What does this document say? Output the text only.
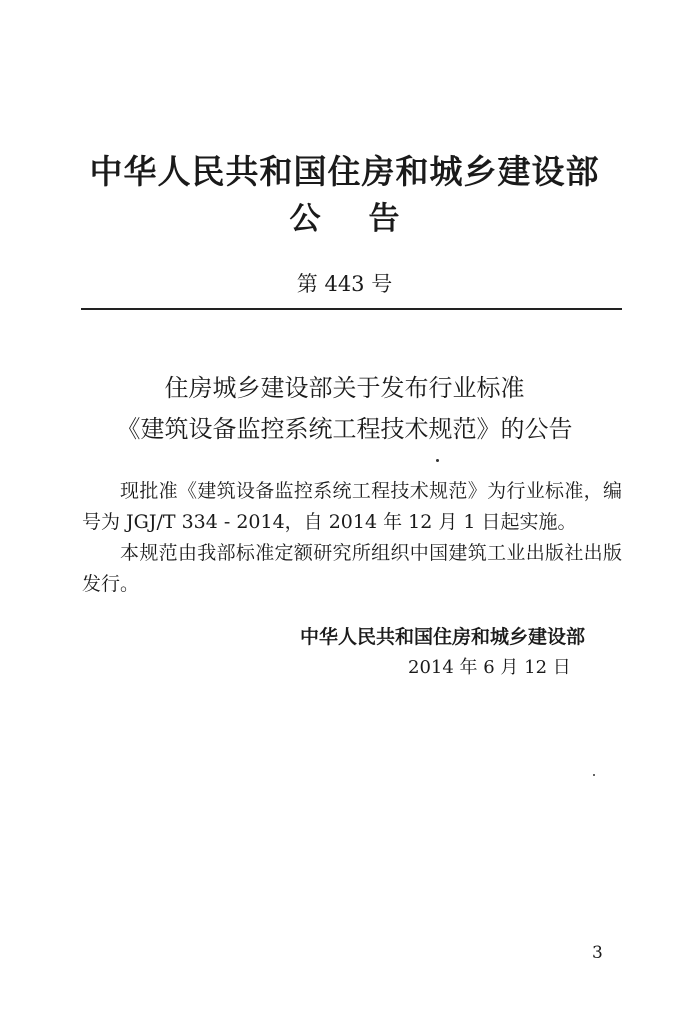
中华人民共和国住房和城乡建设部
公告
第 443 号
住房城乡建设部关于发布行业标准
《建筑设备监控系统工程技术规范》的公告

现批准《建筑设备监控系统工程技术规范》为行业标准，编号为 JGJ/T 334 - 2014，自 2014 年 12 月 1 日起实施。

本规范由我部标准定额研究所组织中国建筑工业出版社出版发行。

中华人民共和国住房和城乡建设部
2014 年 6 月 12 日
3
